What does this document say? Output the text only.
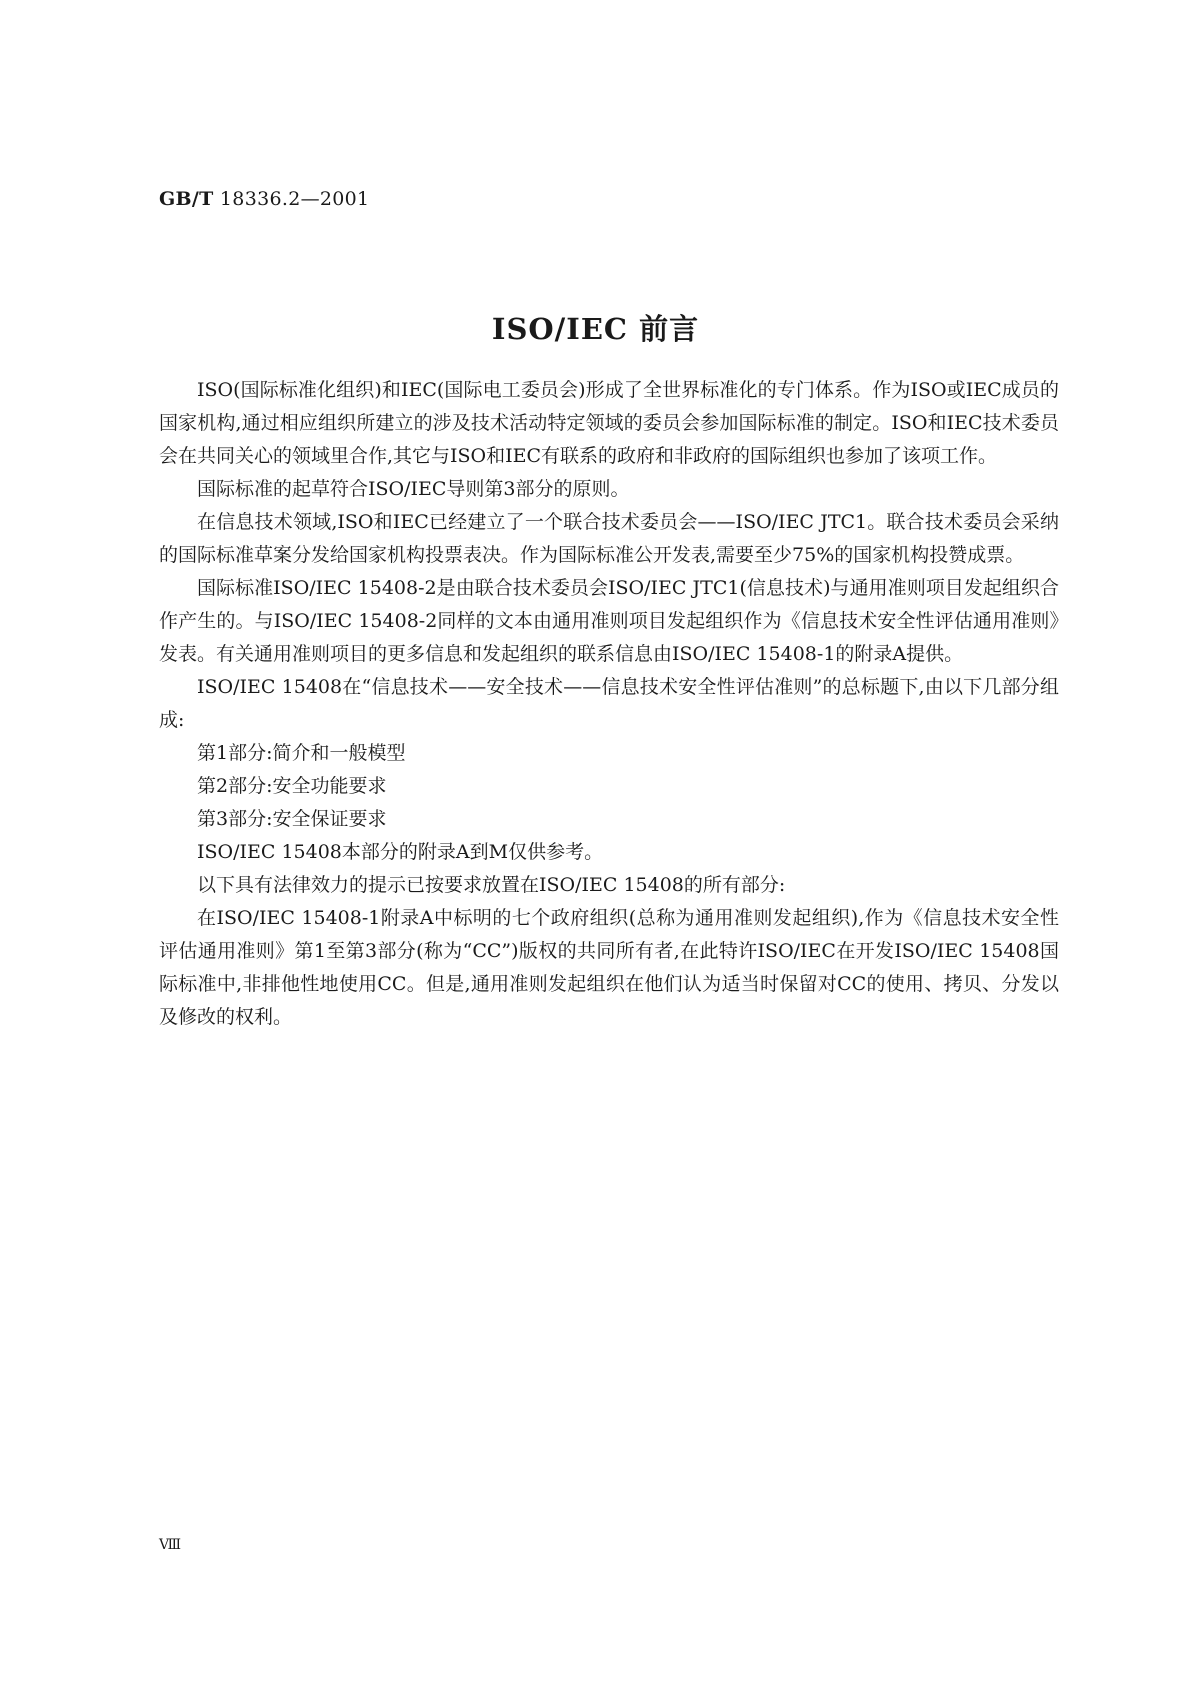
GB/T 18336.2—2001
ISO/IEC 前言

ISO(国际标准化组织)和IEC(国际电工委员会)形成了全世界标准化的专门体系。作为ISO或IEC成员的国家机构,通过相应组织所建立的涉及技术活动特定领域的委员会参加国际标准的制定。ISO和IEC技术委员会在共同关心的领域里合作,其它与ISO和IEC有联系的政府和非政府的国际组织也参加了该项工作。

国际标准的起草符合ISO/IEC导则第3部分的原则。

在信息技术领域,ISO和IEC已经建立了一个联合技术委员会——ISO/IEC JTC1。联合技术委员会采纳的国际标准草案分发给国家机构投票表决。作为国际标准公开发表,需要至少75%的国家机构投赞成票。

国际标准ISO/IEC 15408-2是由联合技术委员会ISO/IEC JTC1(信息技术)与通用准则项目发起组织合作产生的。与ISO/IEC 15408-2同样的文本由通用准则项目发起组织作为《信息技术安全性评估通用准则》发表。有关通用准则项目的更多信息和发起组织的联系信息由ISO/IEC 15408-1的附录A提供。

ISO/IEC 15408在“信息技术——安全技术——信息技术安全性评估准则”的总标题下,由以下几部分组成:

第1部分:简介和一般模型

第2部分:安全功能要求

第3部分:安全保证要求

ISO/IEC 15408本部分的附录A到M仅供参考。

以下具有法律效力的提示已按要求放置在ISO/IEC 15408的所有部分:

在ISO/IEC 15408-1附录A中标明的七个政府组织(总称为通用准则发起组织),作为《信息技术安全性评估通用准则》第1至第3部分(称为“CC”)版权的共同所有者,在此特许ISO/IEC在开发ISO/IEC 15408国际标准中,非排他性地使用CC。但是,通用准则发起组织在他们认为适当时保留对CC的使用、拷贝、分发以及修改的权利。

Ⅷ
